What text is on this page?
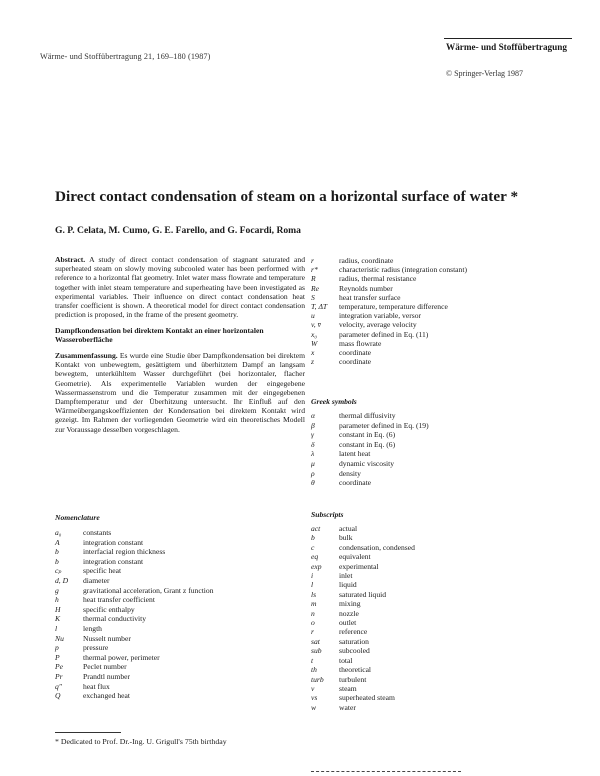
Wärme- und Stoffübertragung 21, 169–180 (1987)
Wärme- und Stoffübertragung
© Springer-Verlag 1987
Direct contact condensation of steam on a horizontal surface of water *
G. P. Celata, M. Cumo, G. E. Farello, and G. Focardi, Roma
Abstract. A study of direct contact condensation of stagnant saturated and superheated steam on slowly moving subcooled water has been performed with reference to a horizontal flat geometry. Inlet water mass flowrate and temperature together with inlet steam temperature and superheating have been investigated as experimental variables. Their influence on direct contact condensation heat transfer coefficient is shown. A theoretical model for direct contact condensation prediction is proposed, in the frame of the present geometry.
Dampfkondensation bei direktem Kontakt an einer horizontalen Wasseroberfläche
Zusammenfassung. Es wurde eine Studie über Dampfkondensation bei direktem Kontakt von unbewegtem, gesättigtem und überhitztem Dampf an langsam bewegtem, unterkühltem Wasser durchgeführt (bei horizontaler, flacher Geometrie). Als experimentelle Variablen wurden der eingegebene Wassermassenstrom und die Temperatur zusammen mit der eingegebenen Dampftemperatur und der Überhitzung untersucht. Ihr Einfluß auf den Wärmeübergangskoeffizienten der Kondensation bei direktem Kontakt wird gezeigt. Im Rahmen der vorliegenden Geometrie wird ein theoretisches Modell zur Voraussage desselben vorgeschlagen.
Nomenclature
a₀	constants
A	integration constant
b	interfacial region thickness
b	integration constant
cₚ	specific heat
d, D	diameter
g	gravitational acceleration, Grant z function
h	heat transfer coefficient
H	specific enthalpy
K	thermal conductivity
l	length
Nu	Nusselt number
p	pressure
P	thermal power, perimeter
Pe	Peclet number
Pr	Prandtl number
q″	heat flux
Q	exchanged heat
r	radius, coordinate
r*	characteristic radius (integration constant)
R	radius, thermal resistance
Re	Reynolds number
S	heat transfer surface
T, ΔT	temperature, temperature difference
u	integration variable, versor
v, v̄	velocity, average velocity
x₀	parameter defined in Eq. (11)
W	mass flowrate
x	coordinate
z	coordinate
Greek symbols
α	thermal diffusivity
β	parameter defined in Eq. (19)
γ	constant in Eq. (6)
δ	constant in Eq. (6)
λ	latent heat
μ	dynamic viscosity
ρ	density
θ	coordinate
Subscripts
act	actual
b	bulk
c	condensation, condensed
eq	equivalent
exp	experimental
i	inlet
l	liquid
ls	saturated liquid
m	mixing
n	nozzle
o	outlet
r	reference
sat	saturation
sub	subcooled
t	total
th	theoretical
turb	turbulent
v	steam
vs	superheated steam
w	water
* Dedicated to Prof. Dr.-Ing. U. Grigull's 75th birthday
